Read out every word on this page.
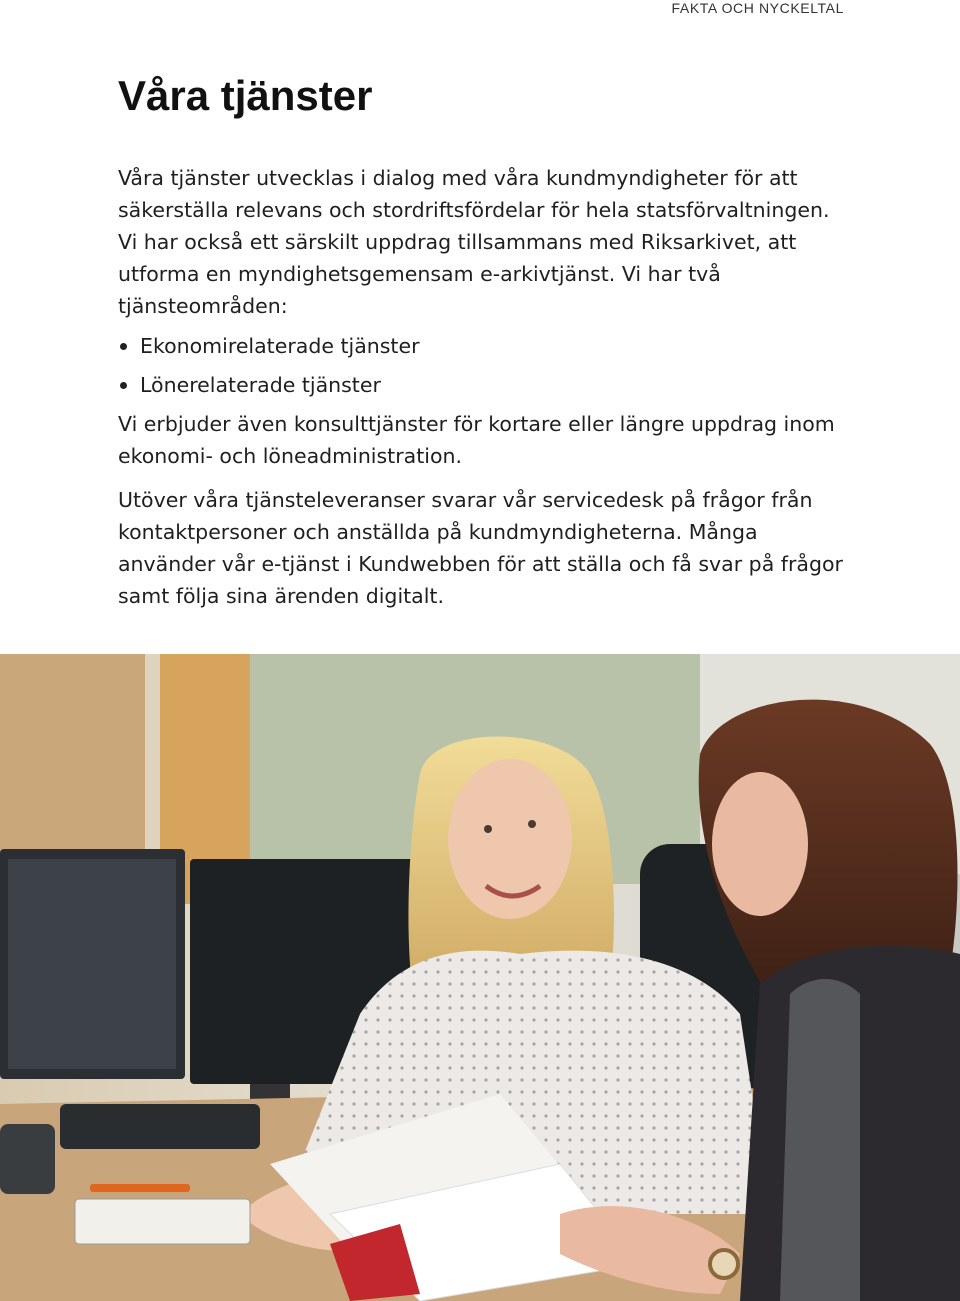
FAKTA OCH NYCKELTAL
Våra tjänster

Våra tjänster utvecklas i dialog med våra kundmyndigheter för att säkerställa relevans och stordriftsfördelar för hela statsförvaltningen. Vi har också ett särskilt uppdrag tillsammans med Riksarkivet, att utforma en myndighetsgemensam e-arkivtjänst. Vi har två tjänsteområden:

Ekonomirelaterade tjänster
Lönerelaterade tjänster

Vi erbjuder även konsulttjänster för kortare eller längre uppdrag inom ekonomi- och löneadministration.

Utöver våra tjänsteleveranser svarar vår servicedesk på frågor från kontaktpersoner och anställda på kundmyndigheterna. Många använder vår e-tjänst i Kundwebben för att ställa och få svar på frågor samt följa sina ärenden digitalt.
